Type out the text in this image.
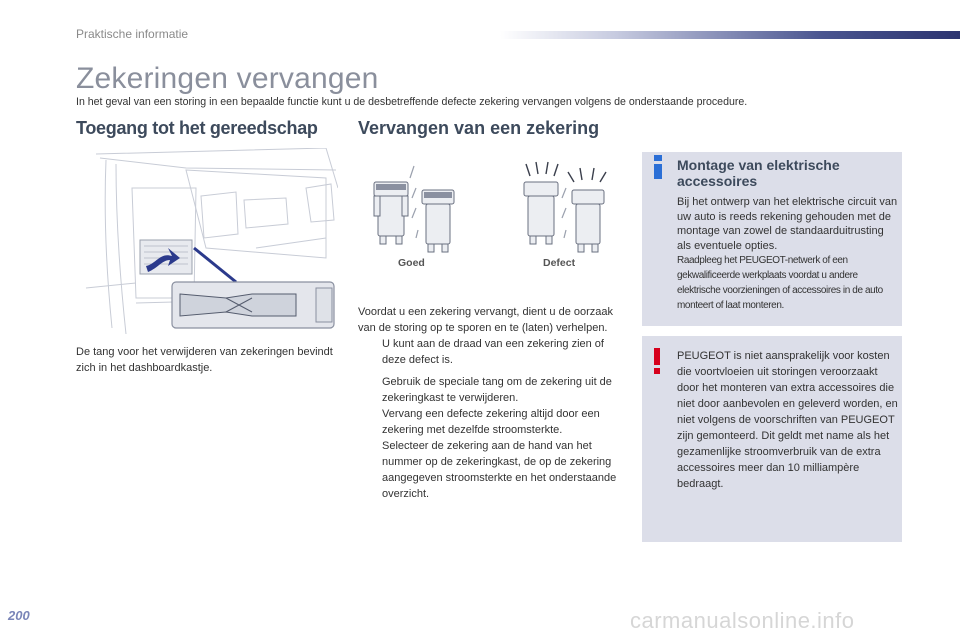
Praktische informatie
Zekeringen vervangen
In het geval van een storing in een bepaalde functie kunt u de desbetreffende defecte zekering vervangen volgens de onderstaande procedure.
Toegang tot het gereedschap Vervangen van een zekering
De tang voor het verwijderen van zekeringen bevindt zich in het dashboardkastje.
Goed	Defect

Voordat u een zekering vervangt, dient u de oorzaak van de storing op te sporen en te (laten) verhelpen.

U kunt aan de draad van een zekering zien of deze defect is.
Gebruik de speciale tang om de zekering uit de zekeringkast te verwijderen.
Vervang een defecte zekering altijd door een zekering met dezelfde stroomsterkte.
Selecteer de zekering aan de hand van het nummer op de zekeringkast, de op de zekering aangegeven stroomsterkte en het onderstaande overzicht.
Montage van elektrische accessoires
Bij het ontwerp van het elektrische circuit van uw auto is reeds rekening gehouden met de montage van zowel de standaarduitrusting als eventuele opties.
Raadpleeg het PEUGEOT-netwerk of een gekwalificeerde werkplaats voordat u andere elektrische voorzieningen of accessoires in de auto monteert of laat monteren.
PEUGEOT is niet aansprakelijk voor kosten die voortvloeien uit storingen veroorzaakt door het monteren van extra accessoires die niet door aanbevolen en geleverd worden, en niet volgens de voorschriften van PEUGEOT zijn gemonteerd. Dit geldt met name als het gezamenlijke stroomverbruik van de extra accessoires meer dan 10 milliampère bedraagt.
200	carmanualsonline.info
